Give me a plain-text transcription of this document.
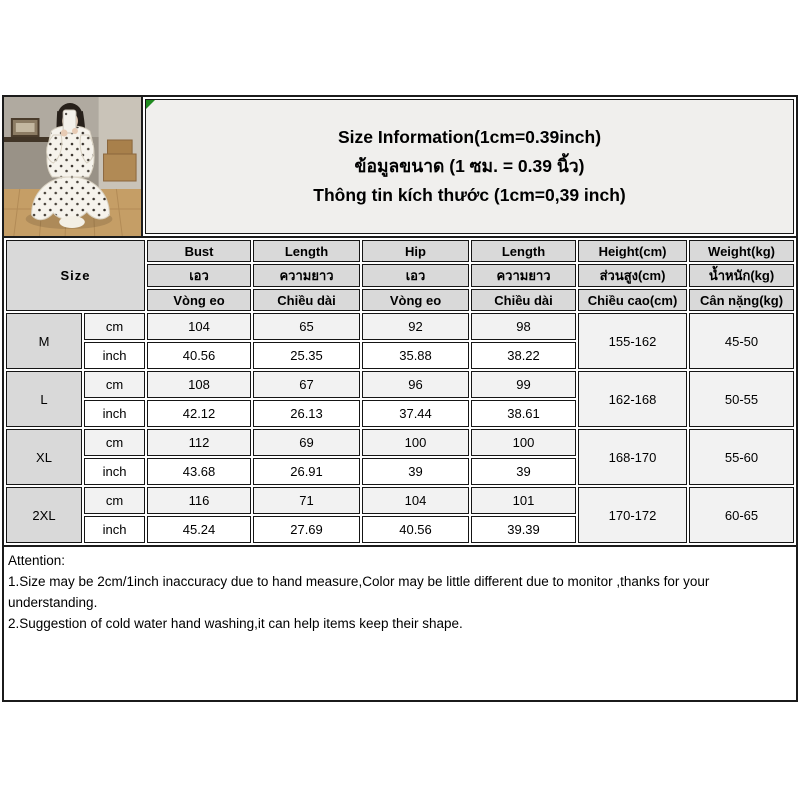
Size Information(1cm=0.39inch)
ข้อมูลขนาด (1 ซม. = 0.39 นิ้ว)
Thông tin kích thước (1cm=0,39 inch)
Size		Bust	Length	Hip	Length	Height(cm)	Weight(kg)
		เอว	ความยาว	เอว	ความยาว	ส่วนสูง(cm)	น้ำหนัก(kg)
		Vòng eo	Chiều dài	Vòng eo	Chiều dài	Chiều cao(cm)	Cân nặng(kg)
M	cm	104	65	92	98	155-162	45-50
	inch	40.56	25.35	35.88	38.22		
L	cm	108	67	96	99	162-168	50-55
	inch	42.12	26.13	37.44	38.61		
XL	cm	112	69	100	100	168-170	55-60
	inch	43.68	26.91	39	39		
2XL	cm	116	71	104	101	170-172	60-65
	inch	45.24	27.69	40.56	39.39		
Attention:
1.Size may be 2cm/1inch inaccuracy due to hand measure,Color may be little different due to monitor ,thanks for your understanding.
2.Suggestion of cold water hand washing,it can help items keep their shape.
